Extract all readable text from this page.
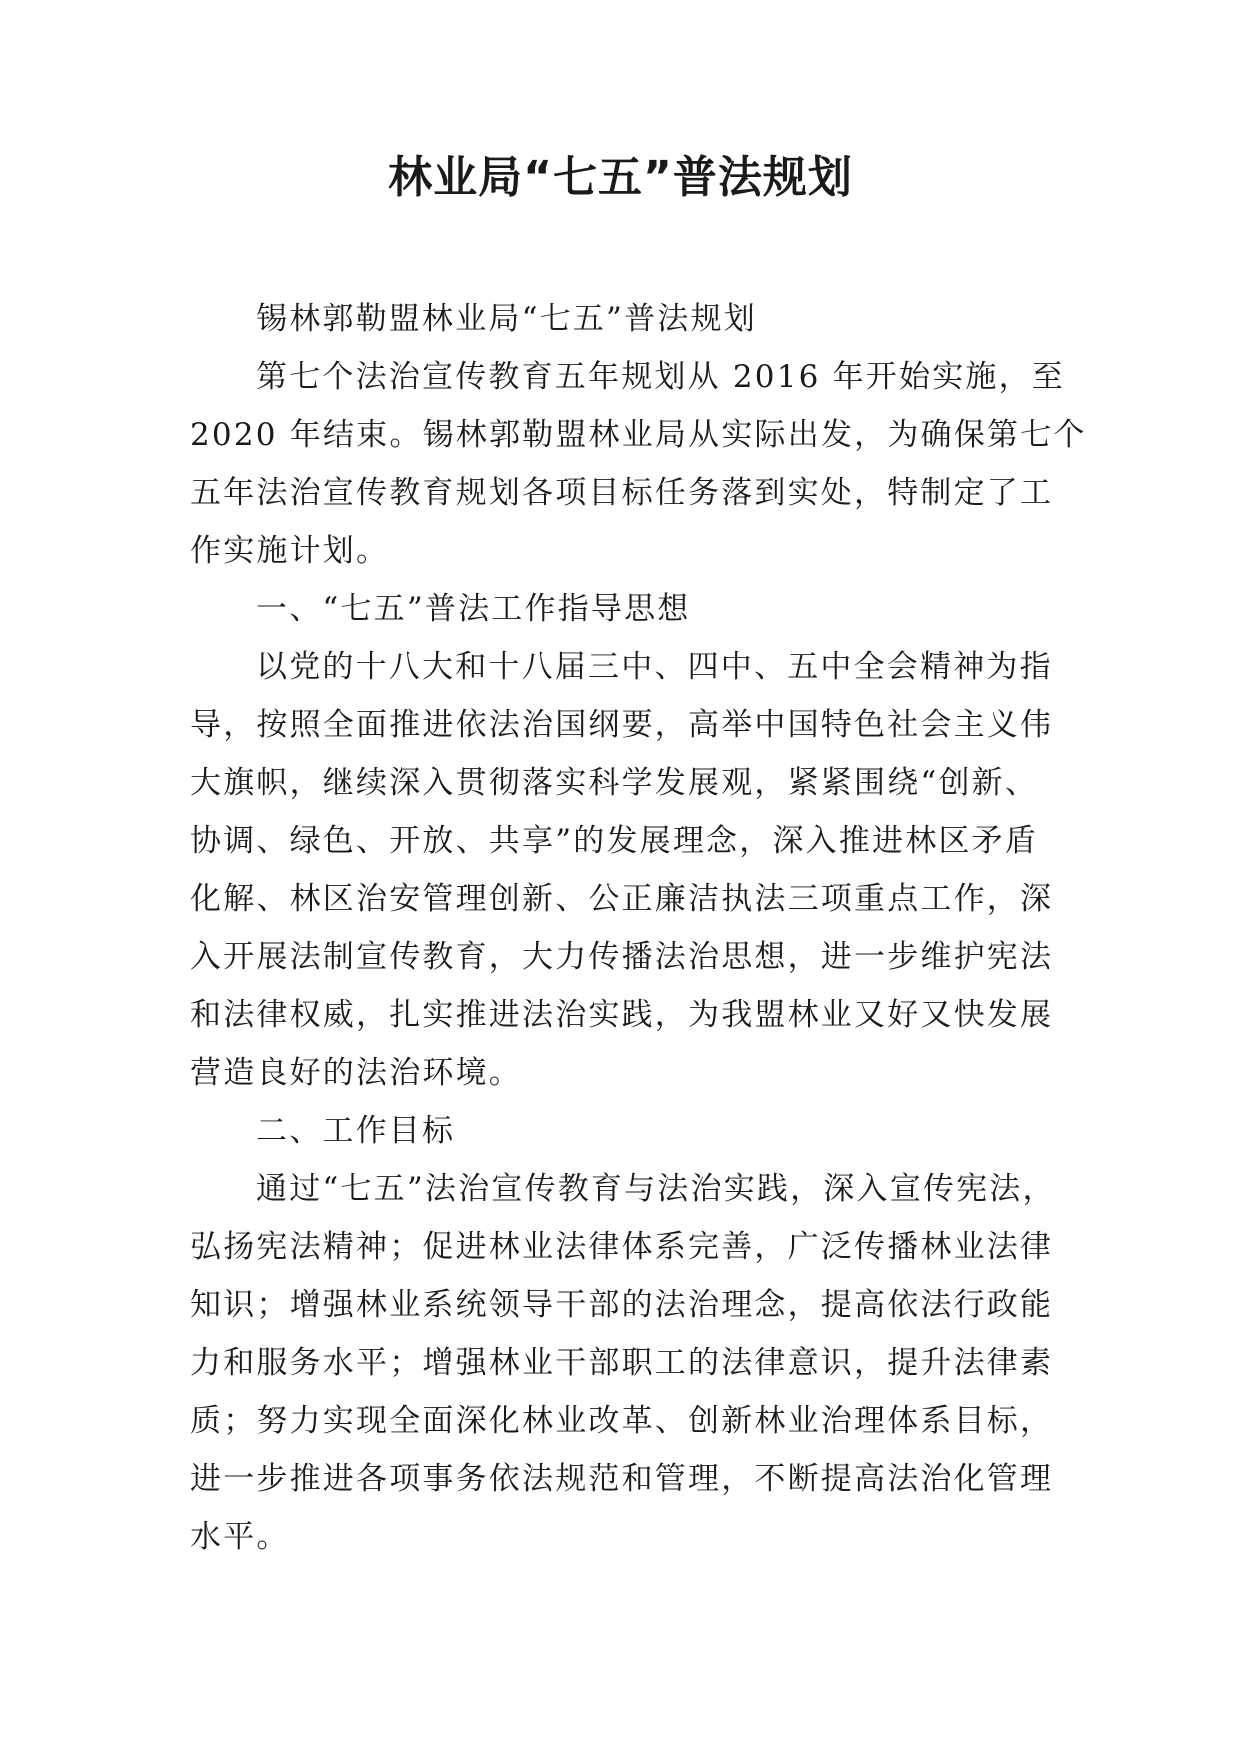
林业局“七五”普法规划
锡林郭勒盟林业局“七五”普法规划
第七个法治宣传教育五年规划从 2016 年开始实施，至
2020 年结束。锡林郭勒盟林业局从实际出发，为确保第七个
五年法治宣传教育规划各项目标任务落到实处，特制定了工
作实施计划。
一、“七五”普法工作指导思想
以党的十八大和十八届三中、四中、五中全会精神为指
导，按照全面推进依法治国纲要，高举中国特色社会主义伟
大旗帜，继续深入贯彻落实科学发展观，紧紧围绕“创新、
协调、绿色、开放、共享”的发展理念，深入推进林区矛盾
化解、林区治安管理创新、公正廉洁执法三项重点工作，深
入开展法制宣传教育，大力传播法治思想，进一步维护宪法
和法律权威，扎实推进法治实践，为我盟林业又好又快发展
营造良好的法治环境。
二、工作目标
通过“七五”法治宣传教育与法治实践，深入宣传宪法，
弘扬宪法精神；促进林业法律体系完善，广泛传播林业法律
知识；增强林业系统领导干部的法治理念，提高依法行政能
力和服务水平；增强林业干部职工的法律意识，提升法律素
质；努力实现全面深化林业改革、创新林业治理体系目标，
进一步推进各项事务依法规范和管理，不断提高法治化管理
水平。
